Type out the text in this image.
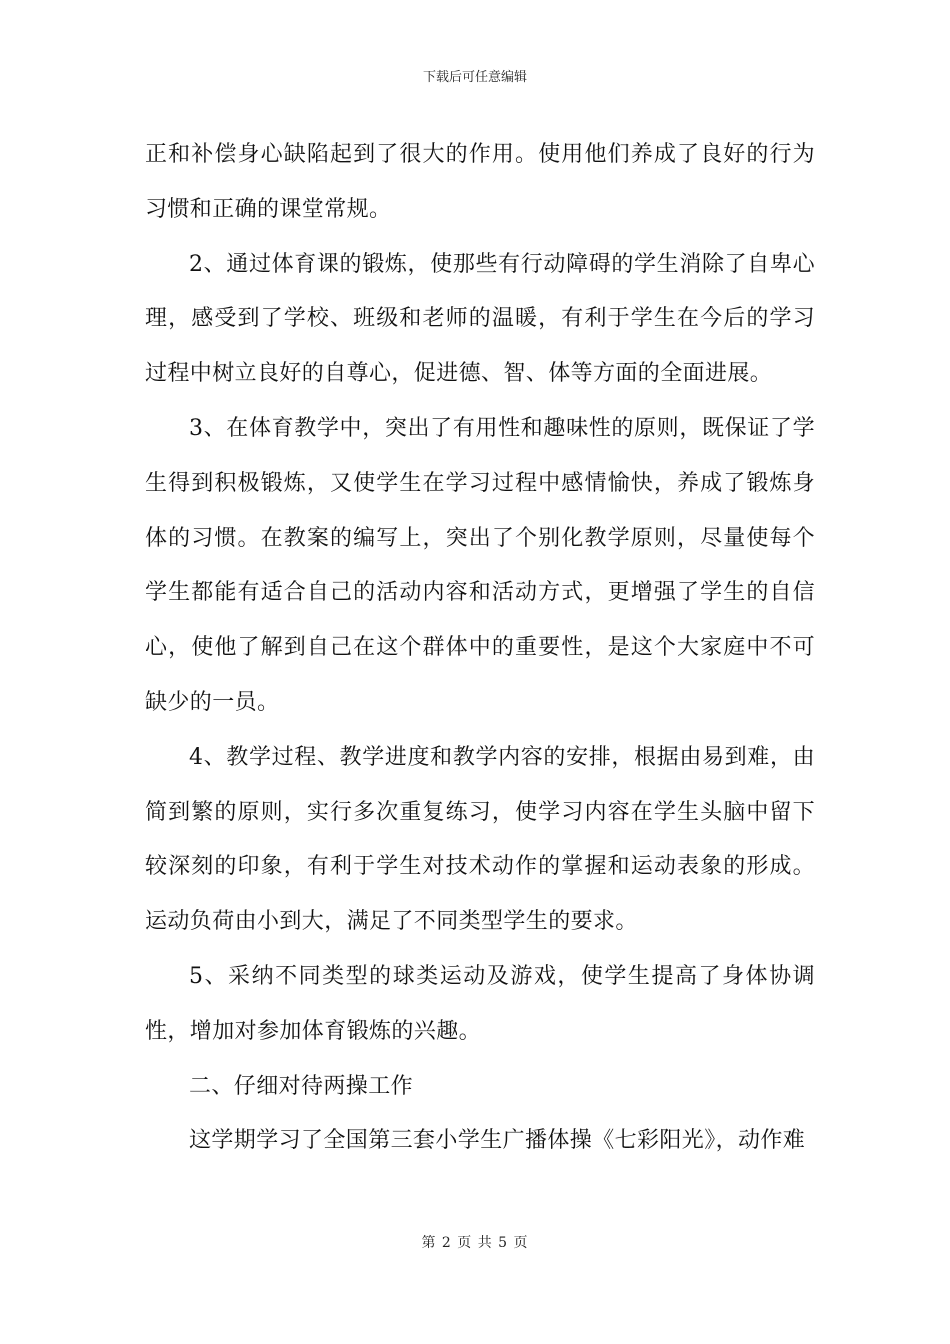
下载后可任意编辑

正和补偿身心缺陷起到了很大的作用。使用他们养成了良好的行为习惯和正确的课堂常规。

2、通过体育课的锻炼，使那些有行动障碍的学生消除了自卑心理，感受到了学校、班级和老师的温暖，有利于学生在今后的学习过程中树立良好的自尊心，促进德、智、体等方面的全面进展。

3、在体育教学中，突出了有用性和趣味性的原则，既保证了学生得到积极锻炼，又使学生在学习过程中感情愉快，养成了锻炼身体的习惯。在教案的编写上，突出了个别化教学原则，尽量使每个学生都能有适合自己的活动内容和活动方式，更增强了学生的自信心，使他了解到自己在这个群体中的重要性，是这个大家庭中不可缺少的一员。

4、教学过程、教学进度和教学内容的安排，根据由易到难，由简到繁的原则，实行多次重复练习，使学习内容在学生头脑中留下较深刻的印象，有利于学生对技术动作的掌握和运动表象的形成。运动负荷由小到大，满足了不同类型学生的要求。

5、采纳不同类型的球类运动及游戏，使学生提高了身体协调性，增加对参加体育锻炼的兴趣。

二、仔细对待两操工作

这学期学习了全国第三套小学生广播体操《七彩阳光》，动作难

第 2 页 共 5 页
